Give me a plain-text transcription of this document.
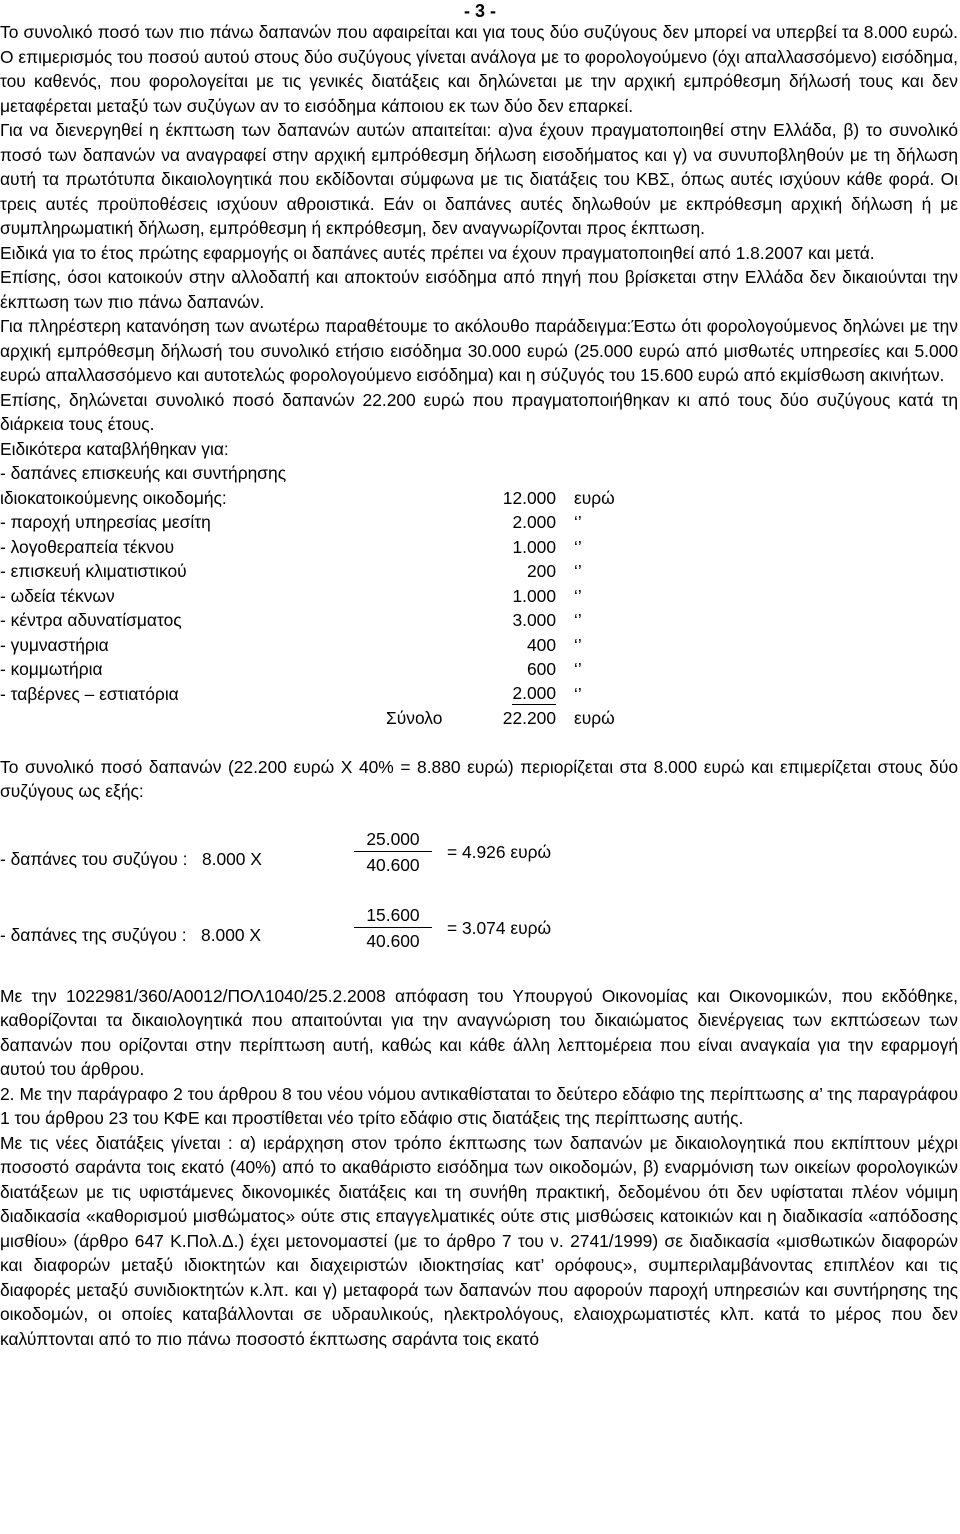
- 3 -

Το συνολικό ποσό των πιο πάνω δαπανών που αφαιρείται και για τους δύο συζύγους δεν μπορεί να υπερβεί τα 8.000 ευρώ. Ο επιμερισμός του ποσού αυτού στους δύο συζύγους γίνεται ανάλογα με το φορολογούμενο (όχι απαλλασσόμενο) εισόδημα, του καθενός, που φορολογείται με τις γενικές διατάξεις και δηλώνεται με την αρχική εμπρόθεσμη δήλωσή τους και δεν μεταφέρεται μεταξύ των συζύγων αν το εισόδημα κάποιου εκ των δύο δεν επαρκεί.

Για να διενεργηθεί η έκπτωση των δαπανών αυτών απαιτείται: α)να έχουν πραγματοποιηθεί στην Ελλάδα, β) το συνολικό ποσό των δαπανών να αναγραφεί στην αρχική εμπρόθεσμη δήλωση εισοδήματος και γ) να συνυποβληθούν με τη δήλωση αυτή τα πρωτότυπα δικαιολογητικά που εκδίδονται σύμφωνα με τις διατάξεις του ΚΒΣ, όπως αυτές ισχύουν κάθε φορά. Οι τρεις αυτές προϋποθέσεις ισχύουν αθροιστικά. Εάν οι δαπάνες αυτές δηλωθούν με εκπρόθεσμη αρχική δήλωση ή με συμπληρωματική δήλωση, εμπρόθεσμη ή εκπρόθεσμη, δεν αναγνωρίζονται προς έκπτωση.

Ειδικά για το έτος πρώτης εφαρμογής οι δαπάνες αυτές πρέπει να έχουν πραγματοποιηθεί από 1.8.2007 και μετά.

Επίσης, όσοι κατοικούν στην αλλοδαπή και αποκτούν εισόδημα από πηγή που βρίσκεται στην Ελλάδα δεν δικαιούνται την έκπτωση των πιο πάνω δαπανών.

Για πληρέστερη κατανόηση των ανωτέρω παραθέτουμε το ακόλουθο παράδειγμα:Έστω ότι φορολογούμενος δηλώνει με την αρχική εμπρόθεσμη δήλωσή του συνολικό ετήσιο εισόδημα 30.000 ευρώ (25.000 ευρώ από μισθωτές υπηρεσίες και 5.000 ευρώ απαλλασσόμενο και αυτοτελώς φορολογούμενο εισόδημα) και η σύζυγός του 15.600 ευρώ από εκμίσθωση ακινήτων.

Επίσης, δηλώνεται συνολικό ποσό δαπανών 22.200 ευρώ που πραγματοποιήθηκαν κι από τους δύο συζύγους κατά τη διάρκεια τους έτους.

Ειδικότερα καταβλήθηκαν για:

- δαπάνες επισκευής και συντήρησης

ιδιοκατοικούμενης οικοδομής:	12.000 ευρώ
- παροχή υπηρεσίας μεσίτη	2.000 ‘’
- λογοθεραπεία τέκνου	1.000 ‘’
- επισκευή κλιματιστικού	200 ‘’
- ωδεία τέκνων	1.000 ‘’
- κέντρα αδυνατίσματος	3.000 ‘’
- γυμναστήρια	400 ‘’
- κομμωτήρια	600 ‘’
- ταβέρνες – εστιατόρια	2.000 ‘’
Σύνολο	22.200 ευρώ

Το συνολικό ποσό δαπανών (22.200 ευρώ Χ 40% = 8.880 ευρώ) περιορίζεται στα 8.000 ευρώ και επιμερίζεται στους δύο συζύγους ως εξής:

- δαπάνες του συζύγου : 8.000 Χ
25.000
40.600
= 4.926 ευρώ
- δαπάνες της συζύγου : 8.000 Χ
15.600
40.600
= 3.074 ευρώ

Με την 1022981/360/Α0012/ΠΟΛ1040/25.2.2008 απόφαση του Υπουργού Οικονομίας και Οικονομικών, που εκδόθηκε, καθορίζονται τα δικαιολογητικά που απαιτούνται για την αναγνώριση του δικαιώματος διενέργειας των εκπτώσεων των δαπανών που ορίζονται στην περίπτωση αυτή, καθώς και κάθε άλλη λεπτομέρεια που είναι αναγκαία για την εφαρμογή αυτού του άρθρου.

2. Με την παράγραφο 2 του άρθρου 8 του νέου νόμου αντικαθίσταται το δεύτερο εδάφιο της περίπτωσης α’ της παραγράφου 1 του άρθρου 23 του ΚΦΕ και προστίθεται νέο τρίτο εδάφιο στις διατάξεις της περίπτωσης αυτής.

Με τις νέες διατάξεις γίνεται : α) ιεράρχηση στον τρόπο έκπτωσης των δαπανών με δικαιολογητικά που εκπίπτουν μέχρι ποσοστό σαράντα τοις εκατό (40%) από το ακαθάριστο εισόδημα των οικοδομών, β) εναρμόνιση των οικείων φορολογικών διατάξεων με τις υφιστάμενες δικονομικές διατάξεις και τη συνήθη πρακτική, δεδομένου ότι δεν υφίσταται πλέον νόμιμη διαδικασία «καθορισμού μισθώματος» ούτε στις επαγγελματικές ούτε στις μισθώσεις κατοικιών και η διαδικασία «απόδοσης μισθίου» (άρθρο 647 Κ.Πολ.Δ.) έχει μετονομαστεί (με το άρθρο 7 του ν. 2741/1999) σε διαδικασία «μισθωτικών διαφορών και διαφορών μεταξύ ιδιοκτητών και διαχειριστών ιδιοκτησίας κατ’ ορόφους», συμπεριλαμβάνοντας επιπλέον και τις διαφορές μεταξύ συνιδιοκτητών κ.λπ. και γ) μεταφορά των δαπανών που αφορούν παροχή υπηρεσιών και συντήρησης της οικοδομών, οι οποίες καταβάλλονται σε υδραυλικούς, ηλεκτρολόγους, ελαιοχρωματιστές κλπ. κατά το μέρος που δεν καλύπτονται από το πιο πάνω ποσοστό έκπτωσης σαράντα τοις εκατό
